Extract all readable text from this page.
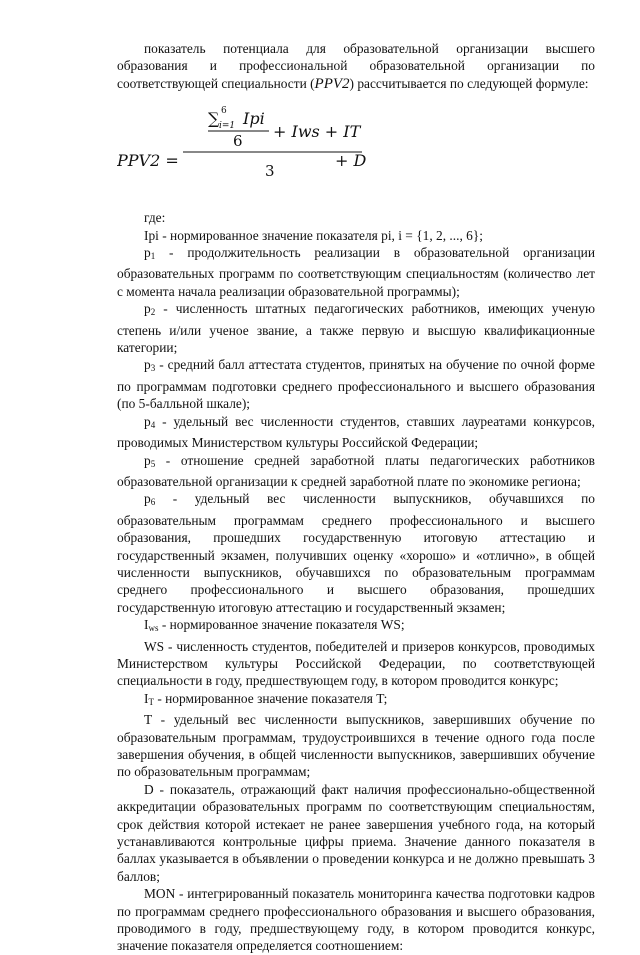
показатель потенциала для образовательной организации высшего образования и профессиональной образовательной организации по соответствующей специальности (PPV2) рассчитывается по следующей формуле:

PPV2 =
∑ 6
i=1 Ipi
6 + Iws + IT
3
+ D

где:

Ipi - нормированное значение показателя pi, i = {1, 2, ..., 6};

$p_1$ - продолжительность реализации в образовательной организации образовательных программ по соответствующим специальностям (количество лет с момента начала реализации образовательной программы);

$p_2$ - численность штатных педагогических работников, имеющих ученую степень и/или ученое звание, а также первую и высшую квалификационные категории;

$p_3$ - средний балл аттестата студентов, принятых на обучение по очной форме по программам подготовки среднего профессионального и высшего образования (по 5-балльной шкале);

$p_4$ - удельный вес численности студентов, ставших лауреатами конкурсов, проводимых Министерством культуры Российской Федерации;

$p_5$ - отношение средней заработной платы педагогических работников образовательной организации к средней заработной плате по экономике региона;

$p_6$ - удельный вес численности выпускников, обучавшихся по образовательным программам среднего профессионального и высшего образования, прошедших государственную итоговую аттестацию и государственный экзамен, получивших оценку «хорошо» и «отлично», в общей численности выпускников, обучавшихся по образовательным программам среднего профессионального и высшего образования, прошедших государственную итоговую аттестацию и государственный экзамен;

$I_{ws}$ - нормированное значение показателя WS;

WS - численность студентов, победителей и призеров конкурсов, проводимых Министерством культуры Российской Федерации, по соответствующей специальности в году, предшествующем году, в котором проводится конкурс;

$I_T$ - нормированное значение показателя T;

T - удельный вес численности выпускников, завершивших обучение по образовательным программам, трудоустроившихся в течение одного года после завершения обучения, в общей численности выпускников, завершивших обучение по образовательным программам;

D - показатель, отражающий факт наличия профессионально-общественной аккредитации образовательных программ по соответствующим специальностям, срок действия которой истекает не ранее завершения учебного года, на который устанавливаются контрольные цифры приема. Значение данного показателя в баллах указывается в объявлении о проведении конкурса и не должно превышать 3 баллов;

MON - интегрированный показатель мониторинга качества подготовки кадров по программам среднего профессионального образования и высшего образования, проводимого в году, предшествующему году, в котором проводится конкурс, значение показателя определяется соотношением:
